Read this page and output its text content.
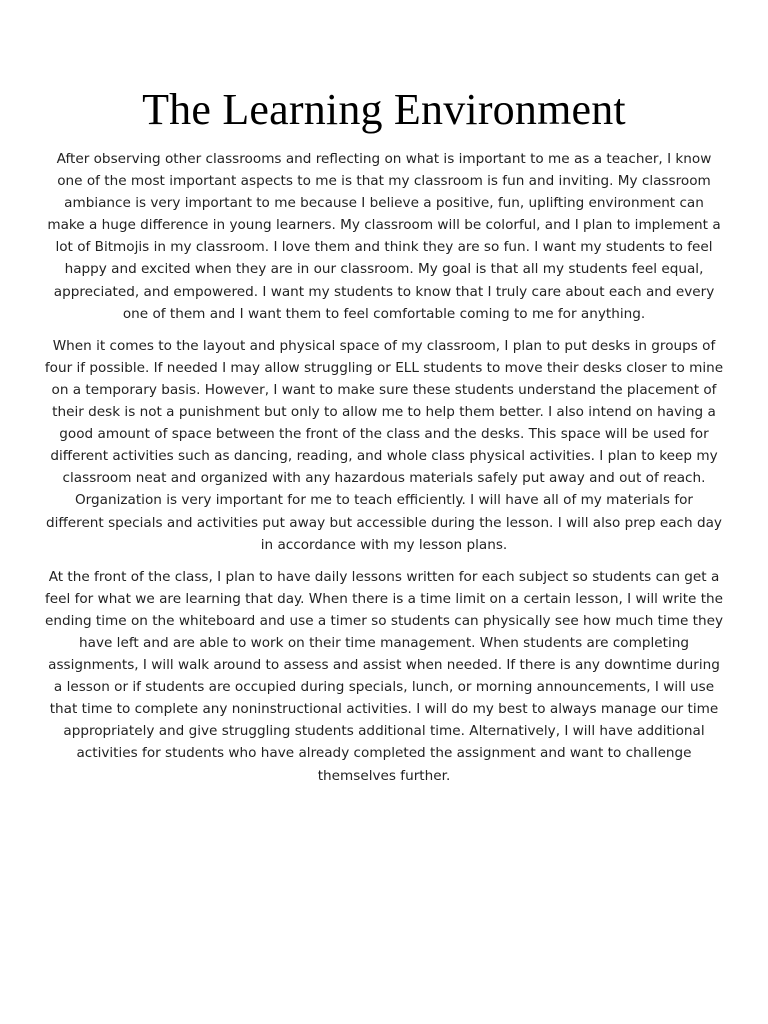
The Learning Environment

After observing other classrooms and reflecting on what is important to me as a teacher, I know one of the most important aspects to me is that my classroom is fun and inviting. My classroom ambiance is very important to me because I believe a positive, fun, uplifting environment can make a huge difference in young learners. My classroom will be colorful, and I plan to implement a lot of Bitmojis in my classroom. I love them and think they are so fun. I want my students to feel happy and excited when they are in our classroom. My goal is that all my students feel equal, appreciated, and empowered. I want my students to know that I truly care about each and every one of them and I want them to feel comfortable coming to me for anything.

When it comes to the layout and physical space of my classroom, I plan to put desks in groups of four if possible. If needed I may allow struggling or ELL students to move their desks closer to mine on a temporary basis. However, I want to make sure these students understand the placement of their desk is not a punishment but only to allow me to help them better. I also intend on having a good amount of space between the front of the class and the desks. This space will be used for different activities such as dancing, reading, and whole class physical activities. I plan to keep my classroom neat and organized with any hazardous materials safely put away and out of reach. Organization is very important for me to teach efficiently. I will have all of my materials for different specials and activities put away but accessible during the lesson. I will also prep each day in accordance with my lesson plans.

At the front of the class, I plan to have daily lessons written for each subject so students can get a feel for what we are learning that day. When there is a time limit on a certain lesson, I will write the ending time on the whiteboard and use a timer so students can physically see how much time they have left and are able to work on their time management. When students are completing assignments, I will walk around to assess and assist when needed. If there is any downtime during a lesson or if students are occupied during specials, lunch, or morning announcements, I will use that time to complete any noninstructional activities. I will do my best to always manage our time appropriately and give struggling students additional time. Alternatively, I will have additional activities for students who have already completed the assignment and want to challenge themselves further.
